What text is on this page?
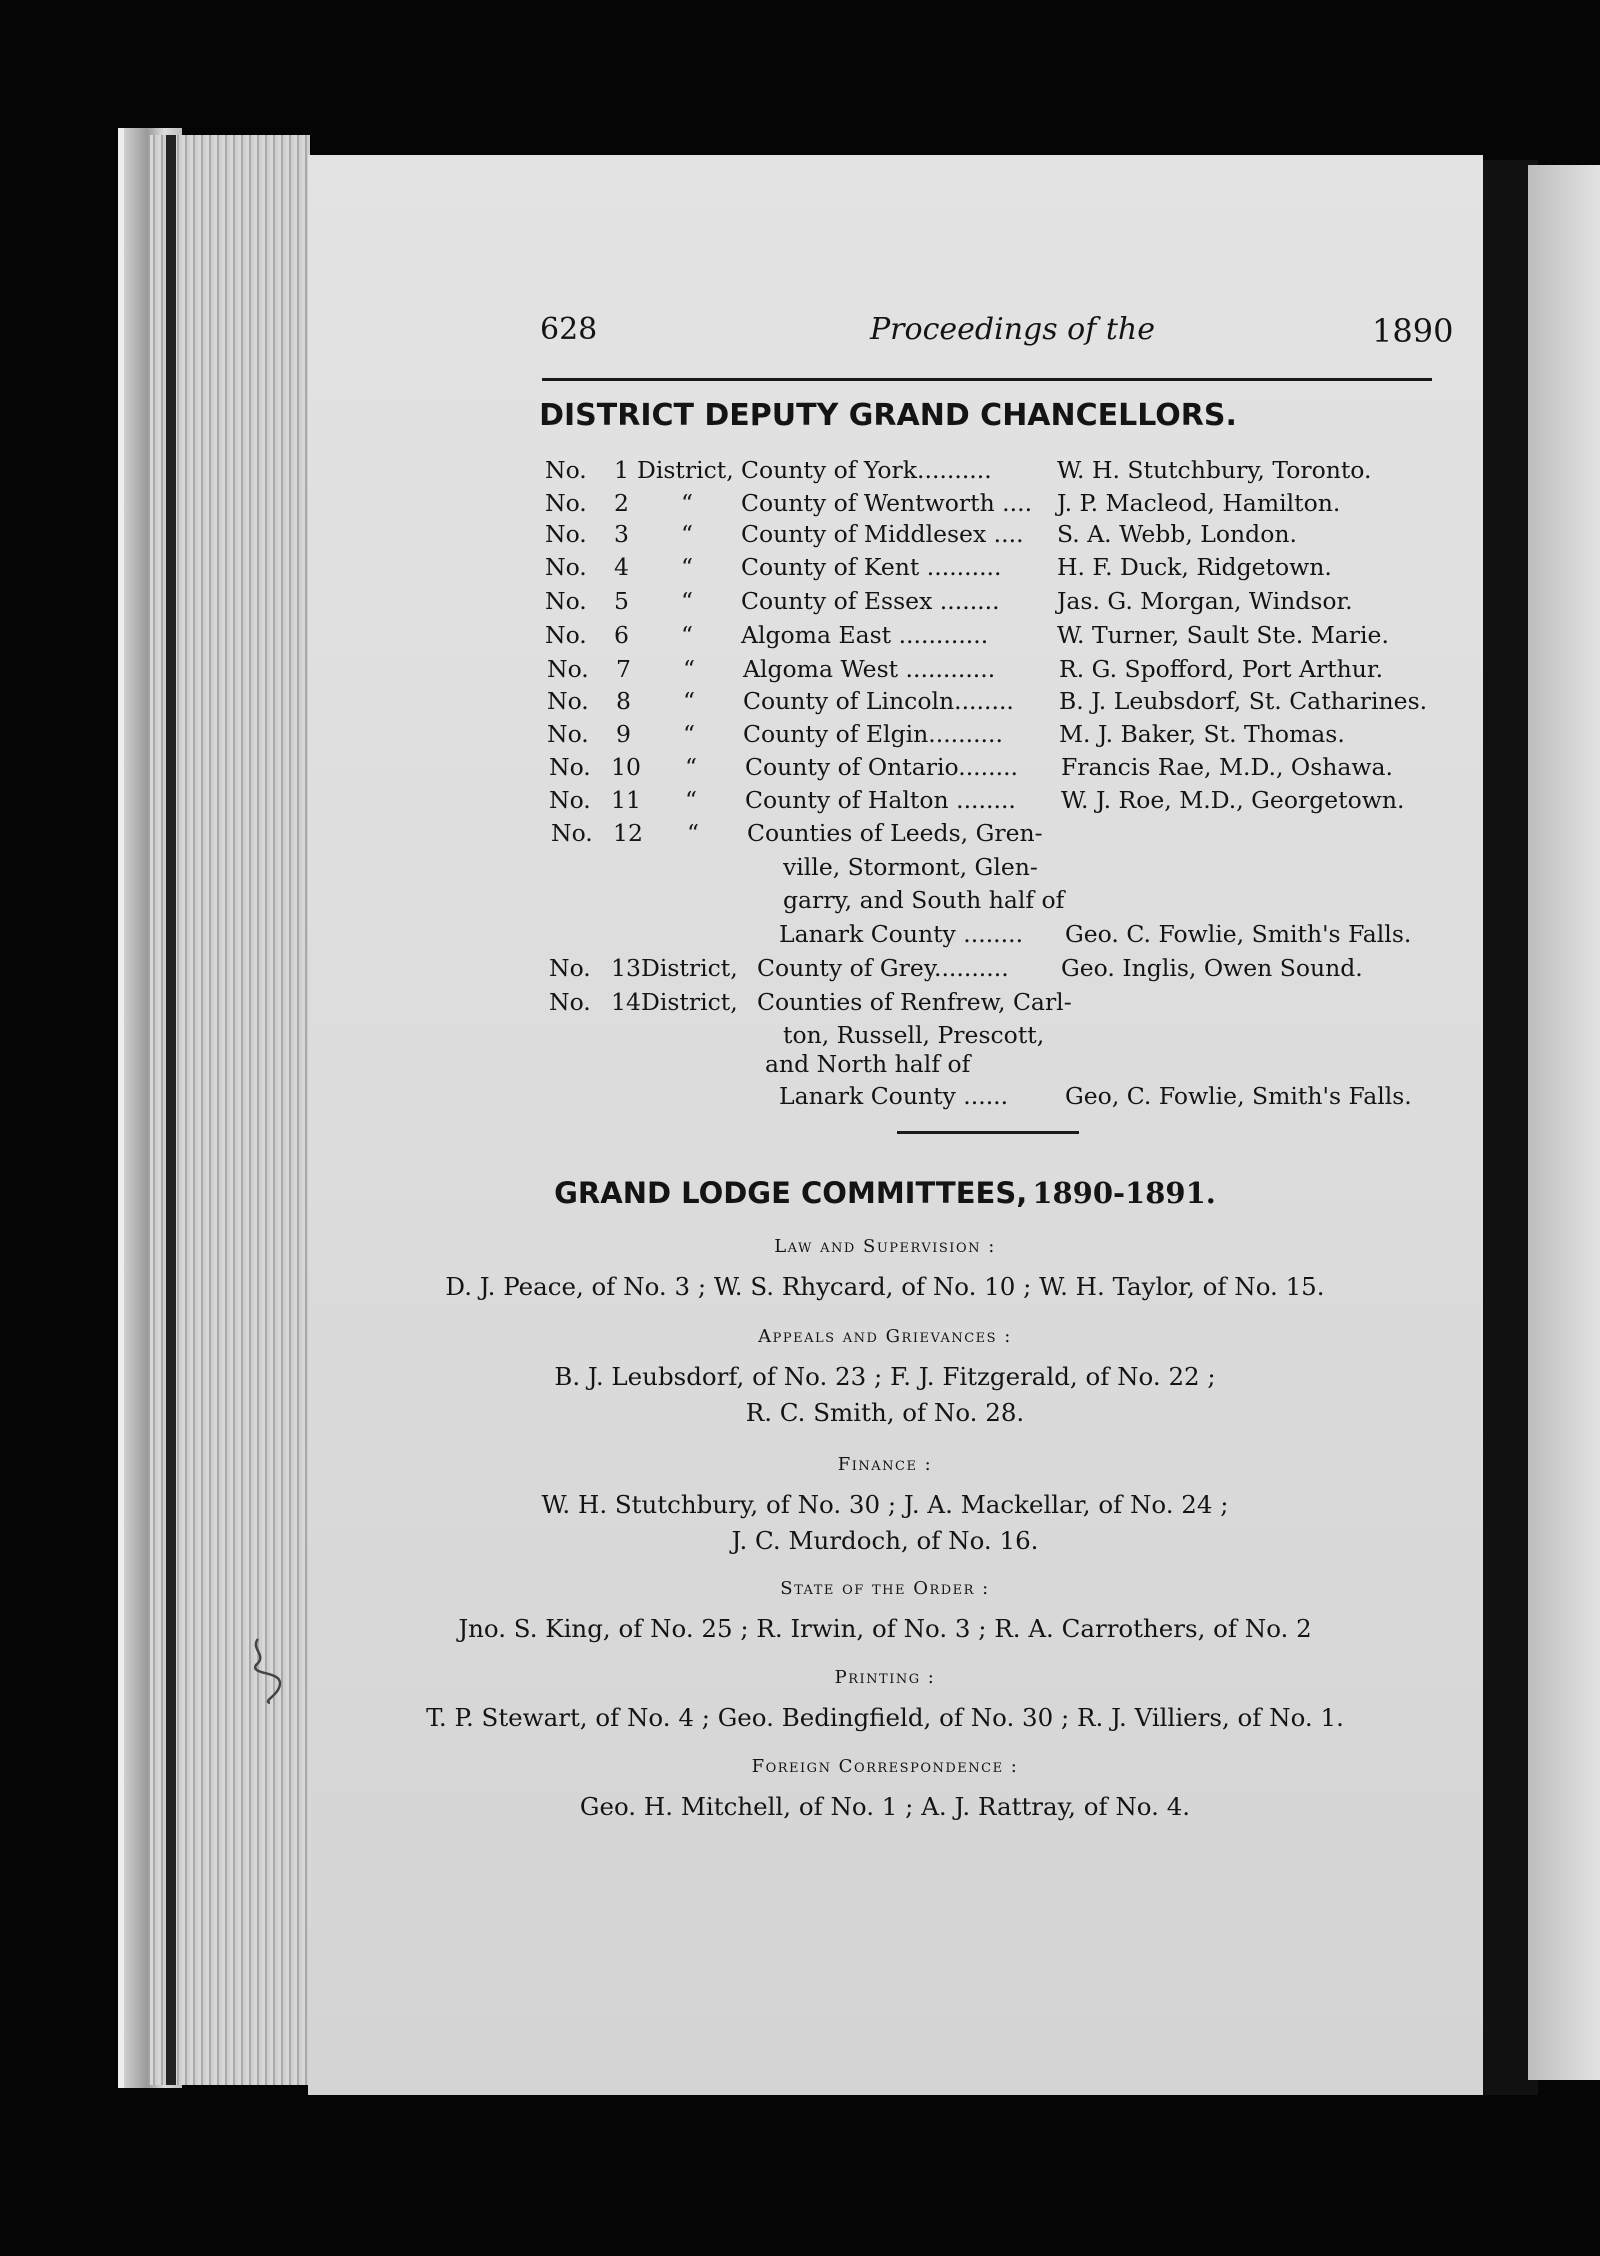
628	Proceedings of the	1890
DISTRICT DEPUTY GRAND CHANCELLORS.
No. 1 District, County of York..........	W. H. Stutchbury, Toronto.
No. 2 “ County of Wentworth .... J. P. Macleod, Hamilton.
No. 3 “ County of Middlesex .... S. A. Webb, London.
No. 4 “ County of Kent .......... H. F. Duck, Ridgetown.
No. 5 “ County of Essex ........ Jas. G. Morgan, Windsor.
No. 6 “ Algoma East ............	W. Turner, Sault Ste. Marie.
No. 7 “ Algoma West ............	R. G. Spofford, Port Arthur.
No. 8 “ County of Lincoln........ B. J. Leubsdorf, St. Catharines.
No. 9 “ County of Elgin.......... M. J. Baker, St. Thomas.
No. 10 “ County of Ontario........ Francis Rae, M.D., Oshawa.
No. 11 “ County of Halton ........ W. J. Roe, M.D., Georgetown.
No. 12 “ Counties of Leeds, Gren-
ville, Stormont, Glen-
garry, and South half of
Lanark County ........ Geo. C. Fowlie, Smith's Falls.
No. 13 District, County of Grey.......... Geo. Inglis, Owen Sound.
No. 14 District, Counties of Renfrew, Carl-
ton, Russell, Prescott,
and North half of
Lanark County ...... Geo, C. Fowlie, Smith's Falls.
GRAND LODGE COMMITTEES, 1890-1891.
Law and Supervision :
D. J. Peace, of No. 3 ; W. S. Rhycard, of No. 10 ; W. H. Taylor, of No. 15.
Appeals and Grievances :
B. J. Leubsdorf, of No. 23 ; F. J. Fitzgerald, of No. 22 ;
R. C. Smith, of No. 28.
Finance :
W. H. Stutchbury, of No. 30 ; J. A. Mackellar, of No. 24 ;
J. C. Murdoch, of No. 16.
State of the Order :
Jno. S. King, of No. 25 ; R. Irwin, of No. 3 ; R. A. Carrothers, of No. 2
Printing :
T. P. Stewart, of No. 4 ; Geo. Bedingfield, of No. 30 ; R. J. Villiers, of No. 1.
Foreign Correspondence :
Geo. H. Mitchell, of No. 1 ; A. J. Rattray, of No. 4.
